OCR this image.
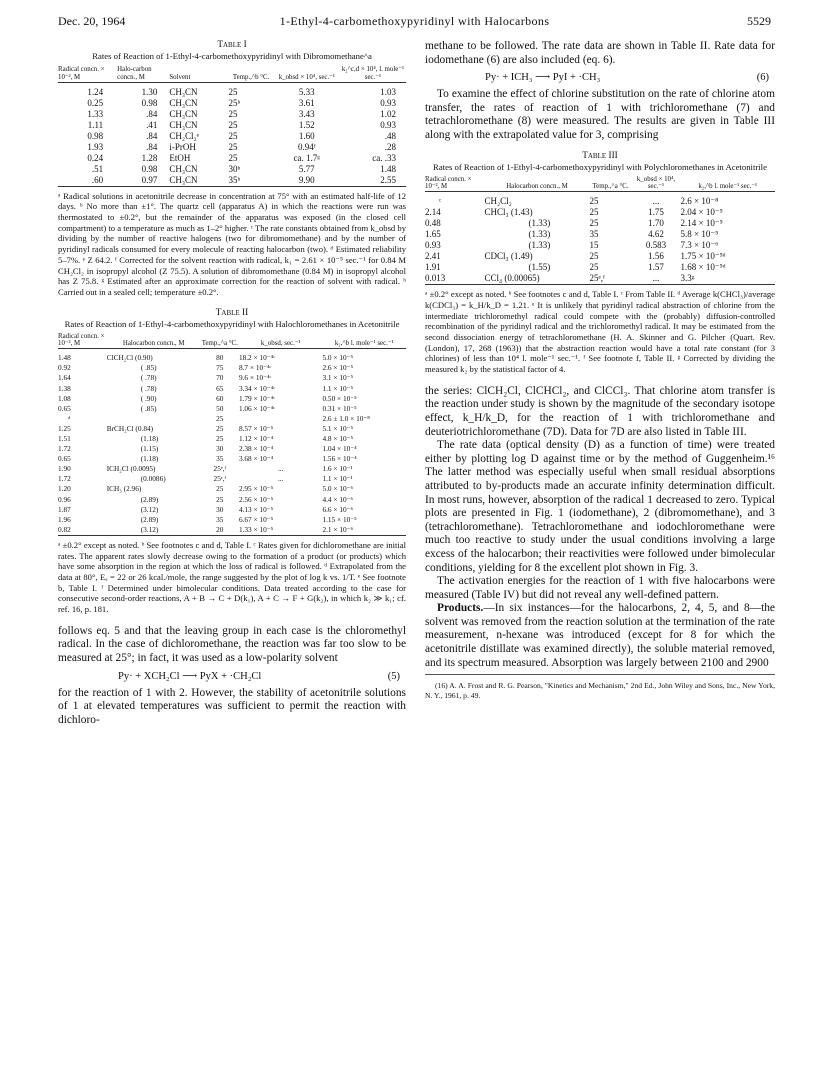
Dec. 20, 1964	1-Ethyl-4-carbomethoxypyridinyl with Halocarbons	5529

Table I

Rates of Reaction of 1-Ethyl-4-carbomethoxypyridinyl with Dibromomethane^a

Radical concn. × 10⁻², M	Halo-carbon concn., M	Solvent	Temp.,^b °C.	k_obsd × 10⁴, sec.⁻¹	k₂^c,d × 10⁴, l. mole⁻¹ sec.⁻¹

1.24	1.30	CH₃CN	25	5.33	1.03
0.25	0.98	CH₃CN	25ʰ	3.61	0.93
1.33	.84	CH₃CN	25	3.43	1.02
1.11	.41	CH₃CN	25	1.52	0.93
0.98	.84	CH₂Cl₂ᵉ	25	1.60	.48
1.93	.84	i-PrOH	25	0.94ᶠ	.28
0.24	1.28	EtOH	25	ca. 1.7ᵍ	ca. .33
.51	0.98	CH₃CN	30ʰ	5.77	1.48
.60	0.97	CH₃CN	35ʰ	9.90	2.55

ᵃ Radical solutions in acetonitrile decrease in concentration at 75° with an estimated half-life of 12 days. ᵇ No more than ±1°. The quartz cell (apparatus A) in which the reactions were run was thermostated to ±0.2°, but the remainder of the apparatus was exposed (in the closed cell compartment) to a temperature as much as 1–2° higher. ᶜ The rate constants obtained from k_obsd by dividing by the number of reactive halogens (two for dibromomethane) and by the number of pyridinyl radicals consumed for every molecule of reacting halocarbon (two). ᵈ Estimated reliability 5–7%. ᵉ Z 64.2. ᶠ Corrected for the solvent reaction with radical, k₁ = 2.61 × 10⁻⁵ sec.⁻¹ for 0.84 M CH₂Cl₂ in isopropyl alcohol (Z 75.5). A solution of dibromomethane (0.84 M) in isopropyl alcohol has Z 75.8. ᵍ Estimated after an approximate correction for the reaction of solvent with radical. ʰ Carried out in a sealed cell; temperature ±0.2°.

Table II

Rates of Reaction of 1-Ethyl-4-carbomethoxypyridinyl with Halochloromethanes in Acetonitrile

Radical concn. × 10⁻², M	Halocarbon concn., M	Temp.,^a °C.	k_obsd, sec.⁻¹	k₂,^b l. mole⁻¹ sec.⁻¹

1.48	ClCH₂Cl (0.90)	80	18.2 × 10⁻⁴ᶜ	5.0 × 10⁻⁵
0.92	( .85)	75	8.7 × 10⁻⁴ᶜ	2.6 × 10⁻⁵
1.64	( .78)	70	9.6 × 10⁻⁴ᶜ	3.1 × 10⁻⁵
1.38	( .78)	65	3.34 × 10⁻⁴ᶜ	1.1 × 10⁻⁵
1.08	( .90)	60	1.79 × 10⁻⁴ᶜ	0.50 × 10⁻⁵
0.65	( .85)	50	1.06 × 10⁻⁴ᶜ	0.31 × 10⁻⁵
ᵈ		25		2.6 ± 1.0 × 10⁻⁸
1.25	BrCH₂Cl (0.84)	25	8.57 × 10⁻⁵	5.1 × 10⁻⁵
1.51	(1.18)	25	1.12 × 10⁻⁴	4.8 × 10⁻⁵
1.72	(1.15)	30	2.38 × 10⁻⁴	1.04 × 10⁻⁴
0.65	(1.18)	35	3.68 × 10⁻⁴	1.56 × 10⁻⁴
1.90	ICH₂Cl (0.0095)	25ᵉ,ᶠ	...	1.6 × 10⁻¹
1.72	(0.0086)	25ᵉ,ᶠ	...	1.1 × 10⁻¹
1.20	ICH₃ (2.96)	25	2.95 × 10⁻⁵	5.0 × 10⁻⁶
0.96	(2.89)	25	2.56 × 10⁻⁵	4.4 × 10⁻⁶
1.87	(3.12)	30	4.13 × 10⁻⁵	6.6 × 10⁻⁶
1.96	(2.89)	35	6.67 × 10⁻⁵	1.15 × 10⁻⁵
0.82	(3.12)	20	1.33 × 10⁻⁵	2.1 × 10⁻⁶

ᵃ ±0.2° except as noted. ᵇ See footnotes c and d, Table I. ᶜ Rates given for dichloromethane are initial rates. The apparent rates slowly decrease owing to the formation of a product (or products) which have some absorption in the region at which the loss of radical is followed. ᵈ Extrapolated from the data at 80°, Eₐ = 22 or 26 kcal./mole, the range suggested by the plot of log k vs. 1/T. ᵉ See footnote b, Table I. ᶠ Determined under bimolecular conditions. Data treated according to the case for consecutive second-order reactions, A + B → C + D(k₁), A + C → F + G(k₂), in which k₂ ≫ k₁; cf. ref. 16, p. 181.

follows eq. 5 and that the leaving group in each case is the chloromethyl radical. In the case of dichloromethane, the reaction was far too slow to be measured at 25°; in fact, it was used as a low-polarity solvent

Py· + XCH₂Cl ⟶ PyX + ·CH₂Cl	(5)

for the reaction of 1 with 2. However, the stability of acetonitrile solutions of 1 at elevated temperatures was sufficient to permit the reaction with dichloro-

methane to be followed. The rate data are shown in Table II. Rate data for iodomethane (6) are also included (eq. 6).

Py· + ICH₃ ⟶ PyI + ·CH₃	(6)

To examine the effect of chlorine substitution on the rate of chlorine atom transfer, the rates of reaction of 1 with trichloromethane (7) and tetrachloromethane (8) were measured. The results are given in Table III along with the extrapolated value for 3, comprising

Table III

Rates of Reaction of 1-Ethyl-4-carbomethoxypyridinyl with Polychloromethanes in Acetonitrile

Radical concn. × 10⁻², M	Halocarbon concn., M	Temp.,^a °C.	k_obsd × 10⁴, sec.⁻¹	k₂,^b l. mole⁻¹ sec.⁻¹

ᶜ	CH₂Cl₂	25	...	2.6 × 10⁻⁸
2.14	CHCl₃ (1.43)	25	1.75	2.04 × 10⁻⁵
0.48	(1.33)	25	1.70	2.14 × 10⁻⁵
1.65	(1.33)	35	4.62	5.8 × 10⁻⁵
0.93	(1.33)	15	0.583	7.3 × 10⁻⁶
2.41	CDCl₃ (1.49)	25	1.56	1.75 × 10⁻⁵ᵈ
1.91	(1.55)	25	1.57	1.68 × 10⁻⁵ᵈ
0.013	CCl₄ (0.00065)	25ᵉ,ᶠ	...	3.3ᵍ

ᵃ ±0.2° except as noted. ᵇ See footnotes c and d, Table I. ᶜ From Table II. ᵈ Average k(CHCl₃)/average k(CDCl₃) = k_H/k_D = 1.21. ᵉ It is unlikely that pyridinyl radical abstraction of chlorine from the intermediate trichloromethyl radical could compete with the (probably) diffusion-controlled recombination of the pyridinyl radical and the trichloromethyl radical. It may be estimated from the second dissociation energy of tetrachloromethane (H. A. Skinner and G. Pilcher (Quart. Rev. (London), 17, 268 (1963)) that the abstraction reaction would have a total rate constant (for 3 chlorines) of less than 10⁴ l. mole⁻¹ sec.⁻¹. ᶠ See footnote f, Table II. ᵍ Corrected by dividing the measured k₂ by the statistical factor of 4.

the series: ClCH₂Cl, ClCHCl₂, and ClCCl₃. That chlorine atom transfer is the reaction under study is shown by the magnitude of the secondary isotope effect, k_H/k_D, for the reaction of 1 with trichloromethane and deuteriotrichloromethane (7D). Data for 7D are also listed in Table III.

The rate data (optical density (D) as a function of time) were treated either by plotting log D against time or by the method of Guggenheim.¹⁶ The latter method was especially useful when small residual absorptions attributed to by-products made an accurate infinity determination difficult. In most runs, however, absorption of the radical 1 decreased to zero. Typical plots are presented in Fig. 1 (iodomethane), 2 (dibromomethane), and 3 (tetrachloromethane). Tetrachloromethane and iodochloromethane were much too reactive to study under the usual conditions involving a large excess of the halocarbon; their reactivities were followed under bimolecular conditions, yielding for 8 the excellent plot shown in Fig. 3.

The activation energies for the reaction of 1 with five halocarbons were measured (Table IV) but did not reveal any well-defined pattern.

Products.—In six instances—for the halocarbons, 2, 4, 5, and 8—the solvent was removed from the reaction solution at the termination of the rate measurement, n-hexane was introduced (except for 8 for which the acetonitrile distillate was examined directly), the soluble material removed, and its spectrum measured. Absorption was largely between 2100 and 2900

(16) A. A. Frost and R. G. Pearson, "Kinetics and Mechanism," 2nd Ed., John Wiley and Sons, Inc., New York, N. Y., 1961, p. 49.
